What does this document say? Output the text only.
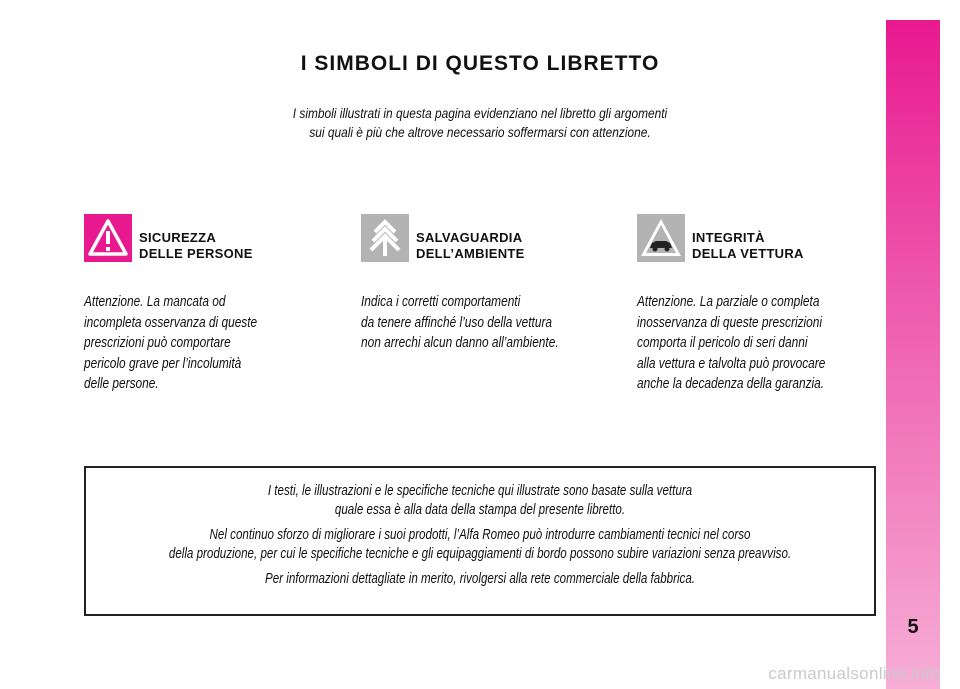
5
I SIMBOLI DI QUESTO LIBRETTO
I simboli illustrati in questa pagina evidenziano nel libretto gli argomenti
sui quali è più che altrove necessario soffermarsi con attenzione.
SICUREZZA
DELLE PERSONE
Attenzione. La mancata od
incompleta osservanza di queste
prescrizioni può comportare
pericolo grave per l’incolumità
delle persone.
SALVAGUARDIA
DELL’AMBIENTE
Indica i corretti comportamenti
da tenere affinché l’uso della vettura
non arrechi alcun danno all’ambiente.
INTEGRITÀ
DELLA VETTURA
Attenzione. La parziale o completa
inosservanza di queste prescrizioni
comporta il pericolo di seri danni
alla vettura e talvolta può provocare
anche la decadenza della garanzia.
I testi, le illustrazioni e le specifiche tecniche qui illustrate sono basate sulla vettura
quale essa è alla data della stampa del presente libretto.
Nel continuo sforzo di migliorare i suoi prodotti, l’Alfa Romeo può introdurre cambiamenti tecnici nel corso
della produzione, per cui le specifiche tecniche e gli equipaggiamenti di bordo possono subire variazioni senza preavviso.
Per informazioni dettagliate in merito, rivolgersi alla rete commerciale della fabbrica.
carmanualsonline.info
